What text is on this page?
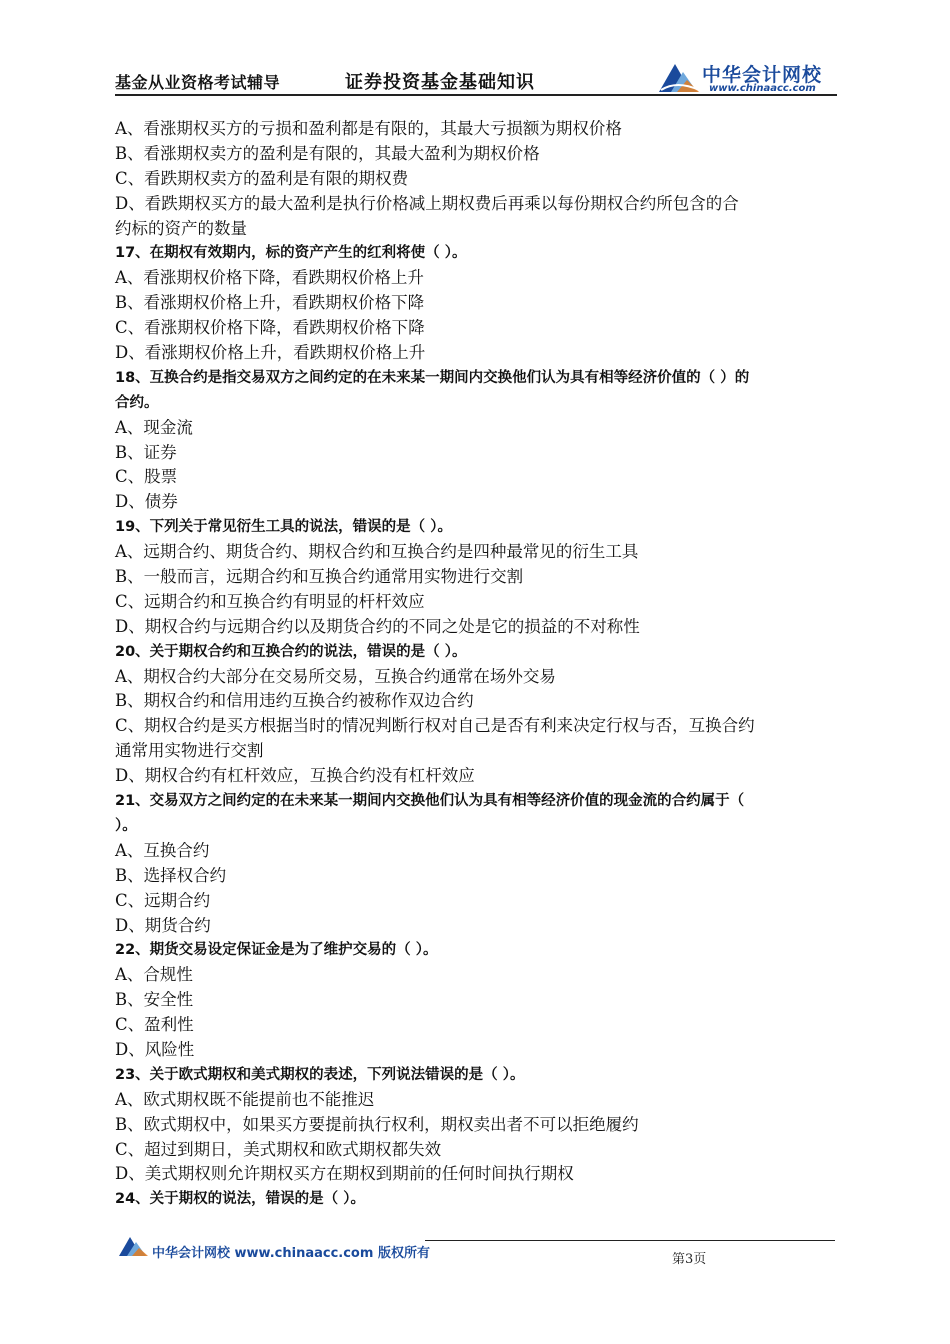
基金从业资格考试辅导	证券投资基金基础知识	中华会计网校
www.chinaacc.com
A、看涨期权买方的亏损和盈利都是有限的，其最大亏损额为期权价格
B、看涨期权卖方的盈利是有限的，其最大盈利为期权价格
C、看跌期权卖方的盈利是有限的期权费
D、看跌期权买方的最大盈利是执行价格减上期权费后再乘以每份期权合约所包含的合
约标的资产的数量
17、在期权有效期内，标的资产产生的红利将使（ ）。
A、看涨期权价格下降，看跌期权价格上升
B、看涨期权价格上升，看跌期权价格下降
C、看涨期权价格下降，看跌期权价格下降
D、看涨期权价格上升，看跌期权价格上升
18、互换合约是指交易双方之间约定的在未来某一期间内交换他们认为具有相等经济价值的（ ）的
合约。
A、现金流
B、证券
C、股票
D、债券
19、下列关于常见衍生工具的说法，错误的是（ ）。
A、远期合约、期货合约、期权合约和互换合约是四种最常见的衍生工具
B、一般而言，远期合约和互换合约通常用实物进行交割
C、远期合约和互换合约有明显的杆杆效应
D、期权合约与远期合约以及期货合约的不同之处是它的损益的不对称性
20、关于期权合约和互换合约的说法，错误的是（ ）。
A、期权合约大部分在交易所交易，互换合约通常在场外交易
B、期权合约和信用违约互换合约被称作双边合约
C、期权合约是买方根据当时的情况判断行权对自己是否有利来决定行权与否，互换合约
通常用实物进行交割
D、期权合约有杠杆效应，互换合约没有杠杆效应
21、交易双方之间约定的在未来某一期间内交换他们认为具有相等经济价值的现金流的合约属于（
）。
A、互换合约
B、选择权合约
C、远期合约
D、期货合约
22、期货交易设定保证金是为了维护交易的（ ）。
A、合规性
B、安全性
C、盈利性
D、风险性
23、关于欧式期权和美式期权的表述，下列说法错误的是（ ）。
A、欧式期权既不能提前也不能推迟
B、欧式期权中，如果买方要提前执行权利，期权卖出者不可以拒绝履约
C、超过到期日，美式期权和欧式期权都失效
D、美式期权则允许期权买方在期权到期前的任何时间执行期权
24、关于期权的说法，错误的是（ ）。
中华会计网校 www.chinaacc.com 版权所有	第3页
